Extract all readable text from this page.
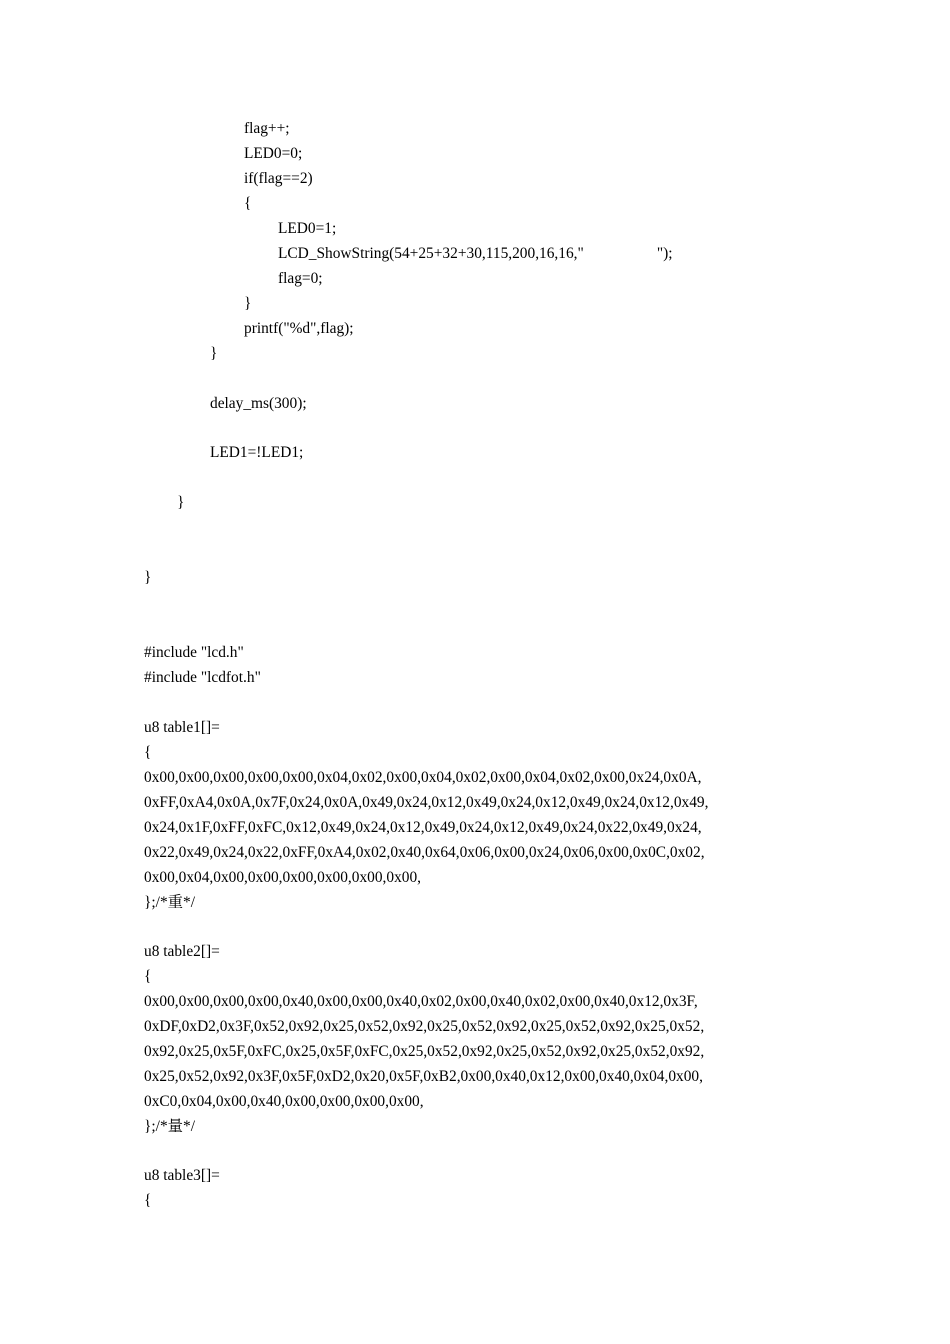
flag++;

LED0=0;

if(flag==2)

{

LED0=1;

LCD_ShowString(54+25+32+30,115,200,16,16,"                   ");

flag=0;

}

printf("%d",flag);

}

delay_ms(300);

LED1=!LED1;

}

}

#include "lcd.h"

#include "lcdfot.h"

u8 table1[]=

{

0x00,0x00,0x00,0x00,0x00,0x04,0x02,0x00,0x04,0x02,0x00,0x04,0x02,0x00,0x24,0x0A,

0xFF,0xA4,0x0A,0x7F,0x24,0x0A,0x49,0x24,0x12,0x49,0x24,0x12,0x49,0x24,0x12,0x49,

0x24,0x1F,0xFF,0xFC,0x12,0x49,0x24,0x12,0x49,0x24,0x12,0x49,0x24,0x22,0x49,0x24,

0x22,0x49,0x24,0x22,0xFF,0xA4,0x02,0x40,0x64,0x06,0x00,0x24,0x06,0x00,0x0C,0x02,

0x00,0x04,0x00,0x00,0x00,0x00,0x00,0x00,

};/*重*/

u8 table2[]=

{

0x00,0x00,0x00,0x00,0x40,0x00,0x00,0x40,0x02,0x00,0x40,0x02,0x00,0x40,0x12,0x3F,

0xDF,0xD2,0x3F,0x52,0x92,0x25,0x52,0x92,0x25,0x52,0x92,0x25,0x52,0x92,0x25,0x52,

0x92,0x25,0x5F,0xFC,0x25,0x5F,0xFC,0x25,0x52,0x92,0x25,0x52,0x92,0x25,0x52,0x92,

0x25,0x52,0x92,0x3F,0x5F,0xD2,0x20,0x5F,0xB2,0x00,0x40,0x12,0x00,0x40,0x04,0x00,

0xC0,0x04,0x00,0x40,0x00,0x00,0x00,0x00,

};/*量*/

u8 table3[]=

{
